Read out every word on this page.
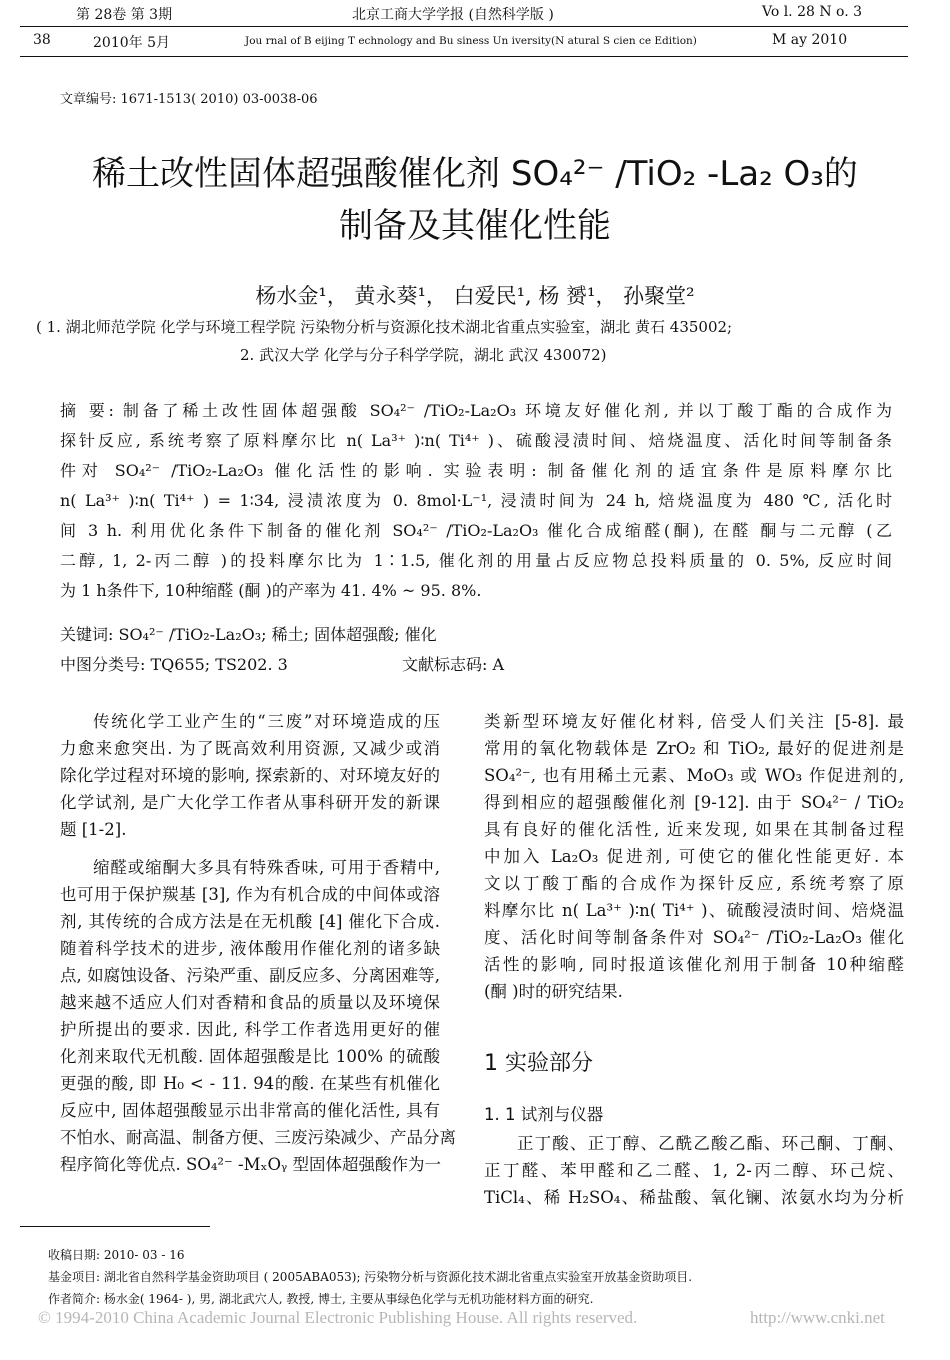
第 28卷 第 3期	北京工商大学学报 (自然科学版 )	Vo l. 28 N o. 3
38	2010年 5月	Jou rnal of B eijing T echnology and Bu siness Un iversity(N atural S cien ce Edition)	M ay 2010
文章编号: 1671-1513( 2010) 03-0038-06
稀土改性固体超强酸催化剂 SO₄²⁻ /TiO₂ -La₂ O₃的
制备及其催化性能
杨水金¹， 黄永葵¹， 白爱民¹, 杨 赟¹， 孙聚堂²
( 1. 湖北师范学院 化学与环境工程学院 污染物分析与资源化技术湖北省重点实验室，湖北 黄石 435002;
2. 武汉大学 化学与分子科学学院，湖北 武汉 430072)
摘 要: 制备了稀土改性固体超强酸 SO₄²⁻ /TiO₂-La₂O₃ 环境友好催化剂, 并以丁酸丁酯的合成作为
探针反应, 系统考察了原料摩尔比 n( La³⁺ )∶n( Ti⁴⁺ )、硫酸浸渍时间、焙烧温度、活化时间等制备条
件对 SO₄²⁻ /TiO₂-La₂O₃ 催化活性的影响. 实验表明: 制备催化剂的适宜条件是原料摩尔比
n( La³⁺ )∶n( Ti⁴⁺ ) = 1∶34, 浸渍浓度为 0. 8mol·L⁻¹, 浸渍时间为 24 h, 焙烧温度为 480 ℃, 活化时
间 3 h. 利用优化条件下制备的催化剂 SO₄²⁻ /TiO₂-La₂O₃ 催化合成缩醛(酮), 在醛 酮与二元醇 (乙
二醇, 1, 2-丙二醇 )的投料摩尔比为 1∶1.5, 催化剂的用量占反应物总投料质量的 0. 5%, 反应时间
为 1 h条件下, 10种缩醛 (酮 )的产率为 41. 4% ~ 95. 8%.
关键词: SO₄²⁻ /TiO₂-La₂O₃; 稀土; 固体超强酸; 催化
中图分类号: TQ655; TS202. 3	文献标志码: A
传统化学工业产生的“三废”对环境造成的压
力愈来愈突出. 为了既高效利用资源, 又减少或消
除化学过程对环境的影响, 探索新的、对环境友好的
化学试剂, 是广大化学工作者从事科研开发的新课
题 [1-2].
缩醛或缩酮大多具有特殊香味, 可用于香精中,
也可用于保护羰基 [3], 作为有机合成的中间体或溶
剂, 其传统的合成方法是在无机酸 [4] 催化下合成.
随着科学技术的进步, 液体酸用作催化剂的诸多缺
点, 如腐蚀设备、污染严重、副反应多、分离困难等,
越来越不适应人们对香精和食品的质量以及环境保
护所提出的要求. 因此, 科学工作者选用更好的催
化剂来取代无机酸. 固体超强酸是比 100% 的硫酸
更强的酸, 即 H₀ < - 11. 94的酸. 在某些有机催化
反应中, 固体超强酸显示出非常高的催化活性, 具有
不怕水、耐高温、制备方便、三废污染减少、产品分离
程序简化等优点. SO₄²⁻ -MₓOᵧ 型固体超强酸作为一
类新型环境友好催化材料, 倍受人们关注 [5-8]. 最
常用的氧化物载体是 ZrO₂ 和 TiO₂, 最好的促进剂是
SO₄²⁻, 也有用稀土元素、MoO₃ 或 WO₃ 作促进剂的,
得到相应的超强酸催化剂 [9-12]. 由于 SO₄²⁻ / TiO₂
具有良好的催化活性, 近来发现, 如果在其制备过程
中加入 La₂O₃ 促进剂, 可使它的催化性能更好. 本
文以丁酸丁酯的合成作为探针反应, 系统考察了原
料摩尔比 n( La³⁺ )∶n( Ti⁴⁺ )、硫酸浸渍时间、焙烧温
度、活化时间等制备条件对 SO₄²⁻ /TiO₂-La₂O₃ 催化
活性的影响, 同时报道该催化剂用于制备 10种缩醛
(酮 )时的研究结果.
1 实验部分
1. 1 试剂与仪器
正丁酸、正丁醇、乙酰乙酸乙酯、环己酮、丁酮、
正丁醛、苯甲醛和乙二醛、1, 2-丙二醇、环己烷、
TiCl₄、稀 H₂SO₄、稀盐酸、氧化镧、浓氨水均为分析
收稿日期: 2010- 03 - 16
基金项目: 湖北省自然科学基金资助项目 ( 2005ABA053); 污染物分析与资源化技术湖北省重点实验室开放基金资助项目.
作者简介: 杨水金( 1964- ), 男, 湖北武穴人, 教授, 博士, 主要从事绿色化学与无机功能材料方面的研究.
© 1994-2010 China Academic Journal Electronic Publishing House. All rights reserved.	http://www.cnki.net
